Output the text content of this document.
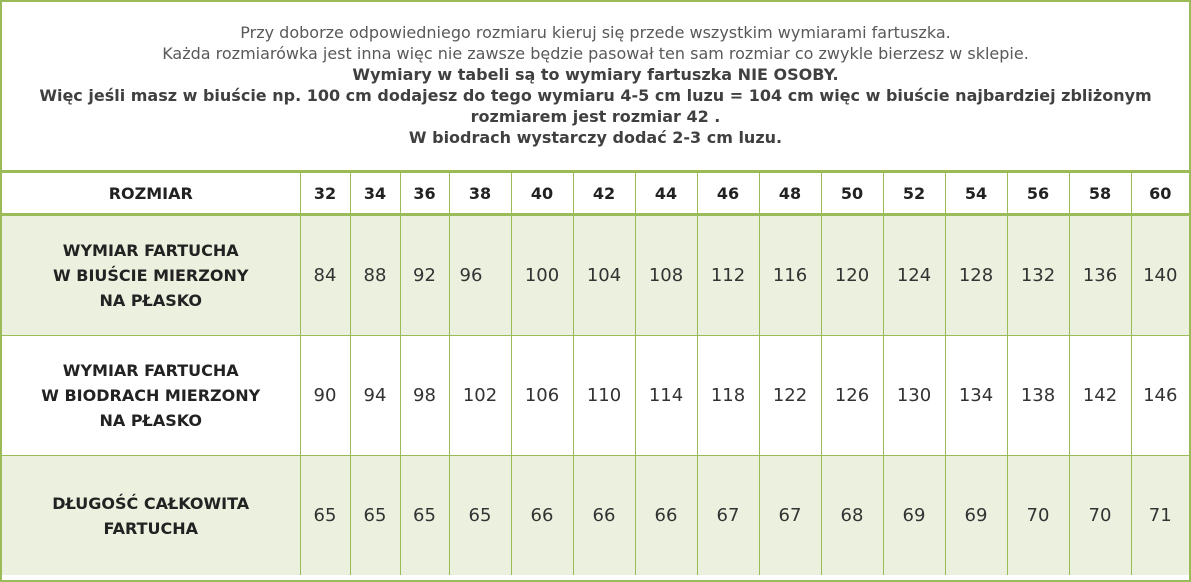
Przy doborze odpowiedniego rozmiaru kieruj się przede wszystkim wymiarami fartuszka.
Każda rozmiarówka jest inna więc nie zawsze będzie pasował ten sam rozmiar co zwykle bierzesz w sklepie.
Wymiary w tabeli są to wymiary fartuszka NIE OSOBY.
Więc jeśli masz w biuście np. 100 cm dodajesz do tego wymiaru 4-5 cm luzu = 104 cm więc w biuście najbardziej zbliżonym rozmiarem jest rozmiar 42 .
W biodrach wystarczy dodać 2-3 cm luzu.
ROZMIAR	32	34	36	38	40	42	44	46	48	50	52	54	56	58	60

WYMIAR FARTUCHA
W BIUŚCIE MIERZONY
NA PŁASKO	84	88	92	96	100	104	108	112	116	120	124	128	132	136	140

WYMIAR FARTUCHA
W BIODRACH MIERZONY
NA PŁASKO	90	94	98	102	106	110	114	118	122	126	130	134	138	142	146

DŁUGOŚĆ CAŁKOWITA
FARTUCHA	65	65	65	65	66	66	66	67	67	68	69	69	70	70	71
